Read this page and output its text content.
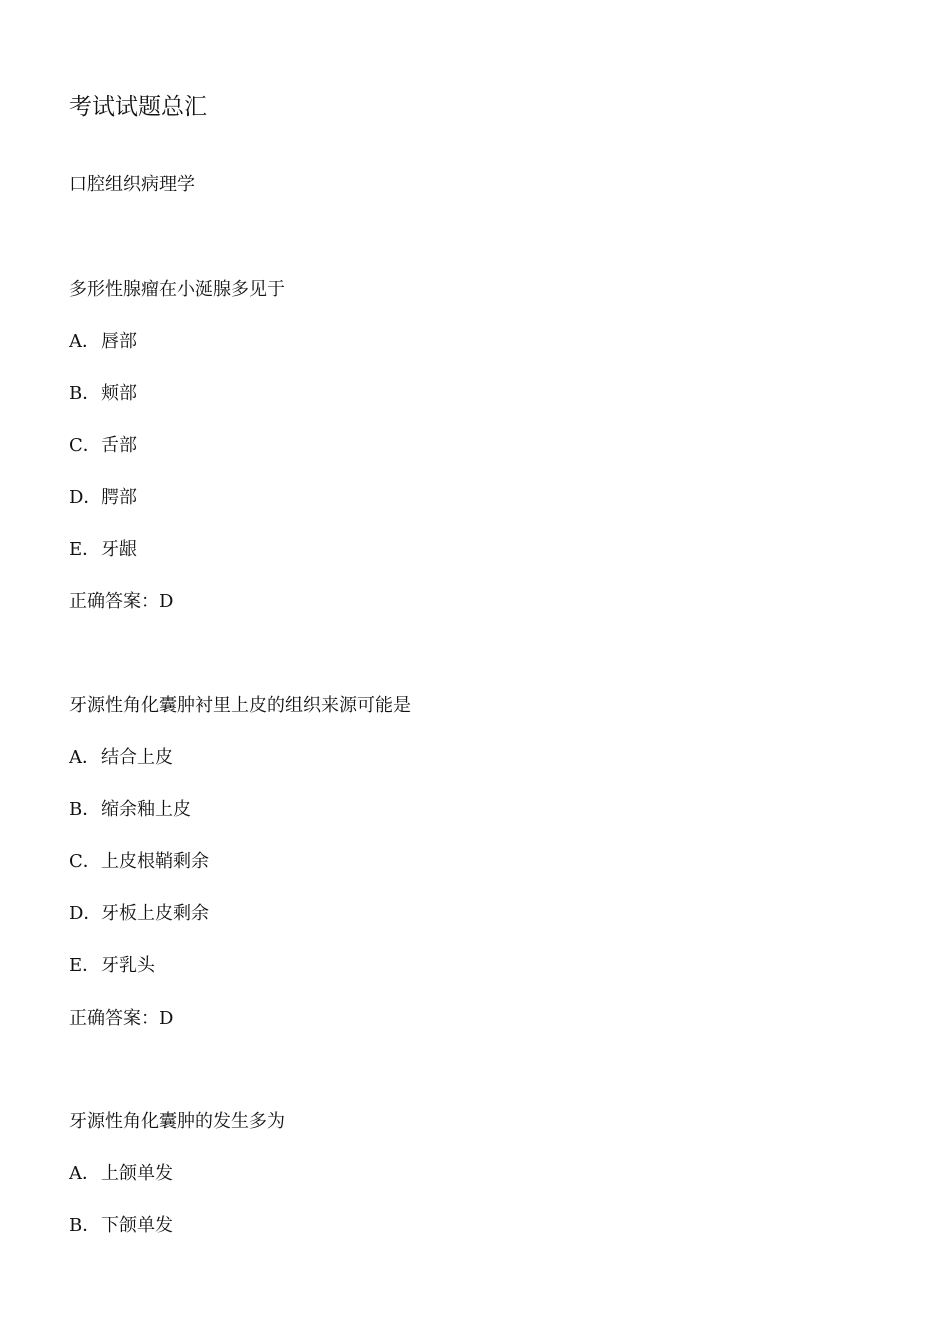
考试试题总汇
口腔组织病理学
多形性腺瘤在小涎腺多见于
A．唇部
B．颊部
C．舌部
D．腭部
E．牙龈
正确答案：D
牙源性角化囊肿衬里上皮的组织来源可能是
A．结合上皮
B．缩余釉上皮
C．上皮根鞘剩余
D．牙板上皮剩余
E．牙乳头
正确答案：D
牙源性角化囊肿的发生多为
A．上颌单发
B．下颌单发
